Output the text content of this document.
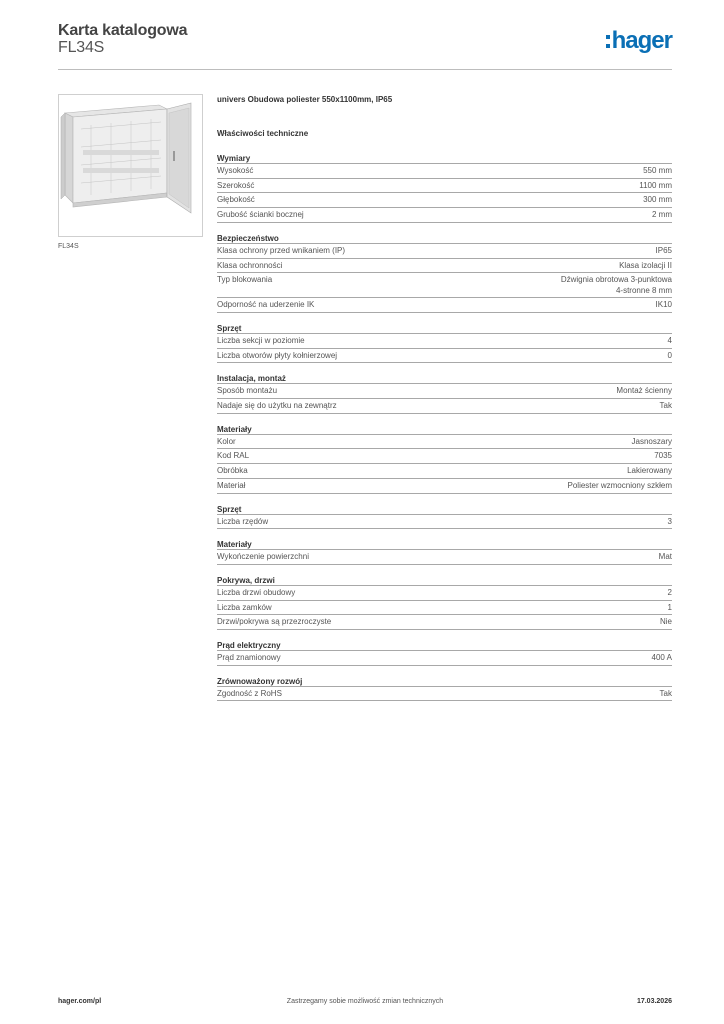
Karta katalogowa
FL34S	hager
FL34S
univers Obudowa poliester 550x1100mm, IP65
Właściwości techniczne
Wymiary
Wysokość	550 mm
Szerokość	1100 mm
Głębokość	300 mm
Grubość ścianki bocznej	2 mm
Bezpieczeństwo
Klasa ochrony przed wnikaniem (IP)	IP65
Klasa ochronności	Klasa izolacji II
Typ blokowania	Dźwignia obrotowa 3-punktowa
4-stronne 8 mm
Odporność na uderzenie IK	IK10
Sprzęt
Liczba sekcji w poziomie	4
Liczba otworów płyty kołnierzowej	0
Instalacja, montaż
Sposób montażu	Montaż ścienny
Nadaje się do użytku na zewnątrz	Tak
Materiały
Kolor	Jasnoszary
Kod RAL	7035
Obróbka	Lakierowany
Materiał	Poliester wzmocniony szkłem
Sprzęt
Liczba rzędów	3
Materiały
Wykończenie powierzchni	Mat
Pokrywa, drzwi
Liczba drzwi obudowy	2
Liczba zamków	1
Drzwi/pokrywa są przezroczyste	Nie
Prąd elektryczny
Prąd znamionowy	400 A
Zrównoważony rozwój
Zgodność z RoHS	Tak
hager.com/pl	Zastrzegamy sobie możliwość zmian technicznych	17.03.2026
